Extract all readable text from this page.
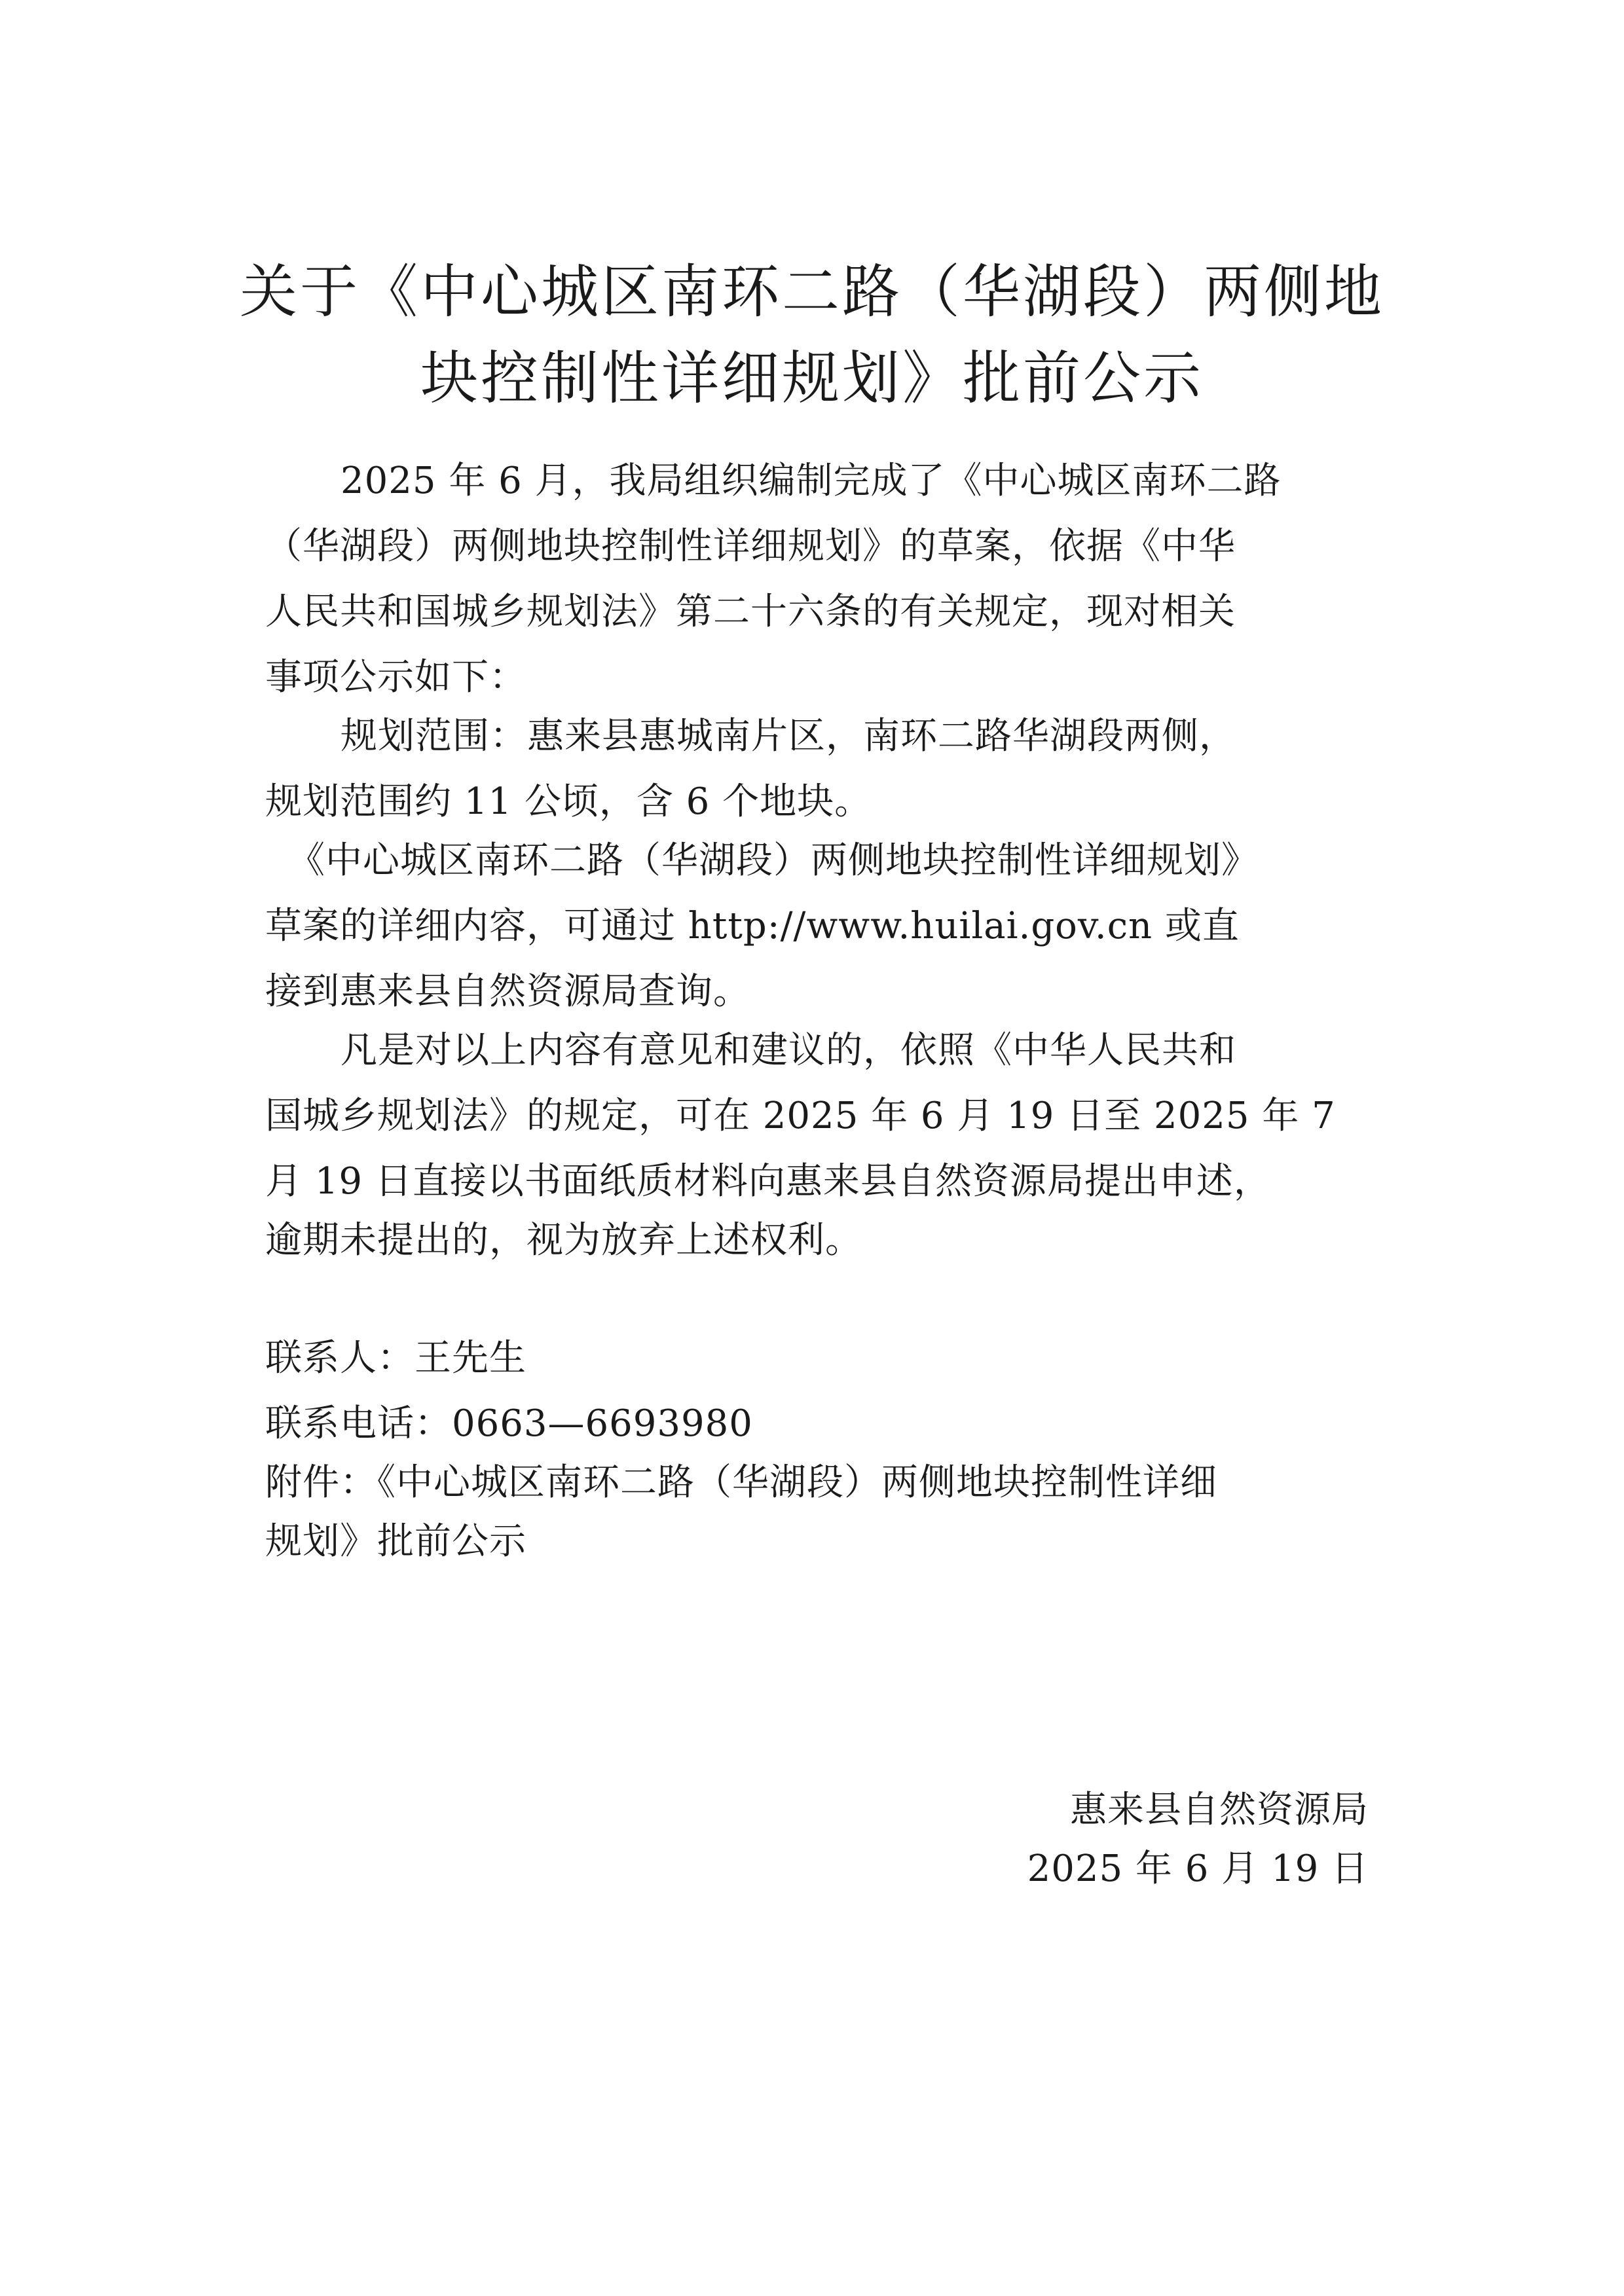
关于《中心城区南环二路（华湖段）两侧地
块控制性详细规划》批前公示
2025 年 6 月，我局组织编制完成了《中心城区南环二路
（华湖段）两侧地块控制性详细规划》的草案，依据《中华
人民共和国城乡规划法》第二十六条的有关规定，现对相关
事项公示如下：
规划范围：惠来县惠城南片区，南环二路华湖段两侧，
规划范围约 11 公顷，含 6 个地块。
《中心城区南环二路（华湖段）两侧地块控制性详细规划》
草案的详细内容，可通过 http://www.huilai.gov.cn 或直
接到惠来县自然资源局查询。
凡是对以上内容有意见和建议的，依照《中华人民共和
国城乡规划法》的规定，可在 2025 年 6 月 19 日至 2025 年 7
月 19 日直接以书面纸质材料向惠来县自然资源局提出申述，
逾期未提出的，视为放弃上述权利。
联系人：王先生
联系电话：0663—6693980
附件：《中心城区南环二路（华湖段）两侧地块控制性详细
规划》批前公示
惠来县自然资源局
2025 年 6 月 19 日
